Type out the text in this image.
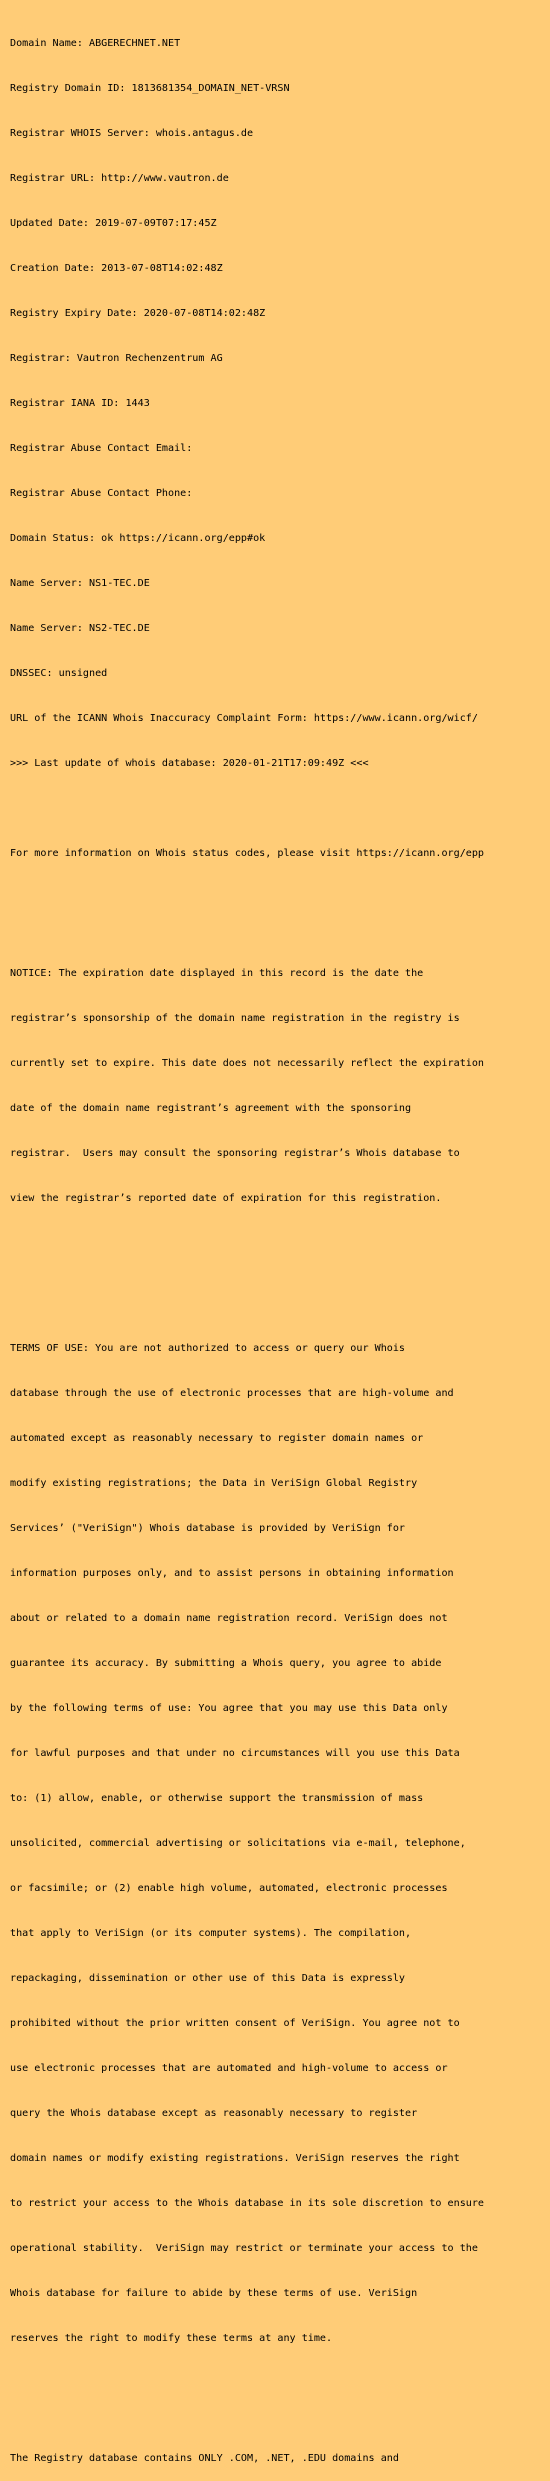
Domain Name: ABGERECHNET.NET

Registry Domain ID: 1813681354_DOMAIN_NET-VRSN

Registrar WHOIS Server: whois.antagus.de

Registrar URL: http://www.vautron.de

Updated Date: 2019-07-09T07:17:45Z

Creation Date: 2013-07-08T14:02:48Z

Registry Expiry Date: 2020-07-08T14:02:48Z

Registrar: Vautron Rechenzentrum AG

Registrar IANA ID: 1443

Registrar Abuse Contact Email:

Registrar Abuse Contact Phone:

Domain Status: ok https://icann.org/epp#ok

Name Server: NS1-TEC.DE

Name Server: NS2-TEC.DE

DNSSEC: unsigned

URL of the ICANN Whois Inaccuracy Complaint Form: https://www.icann.org/wicf/

>>> Last update of whois database: 2020-01-21T17:09:49Z <<<

For more information on Whois status codes, please visit https://icann.org/epp

NOTICE: The expiration date displayed in this record is the date the

registrar’s sponsorship of the domain name registration in the registry is

currently set to expire. This date does not necessarily reflect the expiration

date of the domain name registrant’s agreement with the sponsoring

registrar.  Users may consult the sponsoring registrar’s Whois database to

view the registrar’s reported date of expiration for this registration.

TERMS OF USE: You are not authorized to access or query our Whois

database through the use of electronic processes that are high-volume and

automated except as reasonably necessary to register domain names or

modify existing registrations; the Data in VeriSign Global Registry

Services’ ("VeriSign") Whois database is provided by VeriSign for

information purposes only, and to assist persons in obtaining information

about or related to a domain name registration record. VeriSign does not

guarantee its accuracy. By submitting a Whois query, you agree to abide

by the following terms of use: You agree that you may use this Data only

for lawful purposes and that under no circumstances will you use this Data

to: (1) allow, enable, or otherwise support the transmission of mass

unsolicited, commercial advertising or solicitations via e-mail, telephone,

or facsimile; or (2) enable high volume, automated, electronic processes

that apply to VeriSign (or its computer systems). The compilation,

repackaging, dissemination or other use of this Data is expressly

prohibited without the prior written consent of VeriSign. You agree not to

use electronic processes that are automated and high-volume to access or

query the Whois database except as reasonably necessary to register

domain names or modify existing registrations. VeriSign reserves the right

to restrict your access to the Whois database in its sole discretion to ensure

operational stability.  VeriSign may restrict or terminate your access to the

Whois database for failure to abide by these terms of use. VeriSign

reserves the right to modify these terms at any time.

The Registry database contains ONLY .COM, .NET, .EDU domains and
